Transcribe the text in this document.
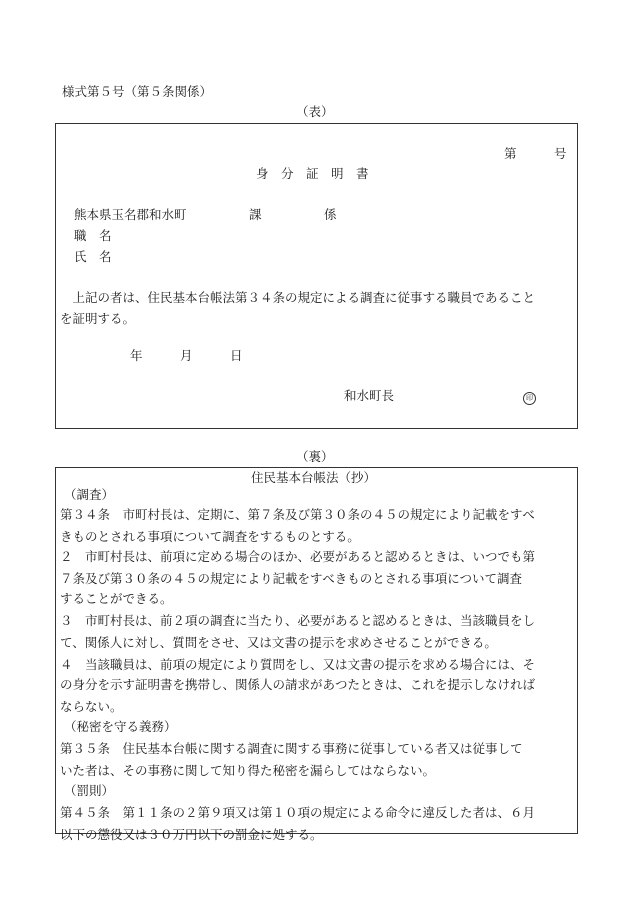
様式第５号（第５条関係）
（表）
第　　　号
身　分　証　明　書
熊本県玉名郡和水町　　　　　課　　　　　係
職　名
氏　名
　上記の者は、住民基本台帳法第３４条の規定による調査に従事する職員であること
を証明する。
年　　　月　　　日
和水町長	印
（裏）
住民基本台帳法（抄）
（調査）
第３４条　市町村長は、定期に、第７条及び第３０条の４５の規定により記載をすべ
きものとされる事項について調査をするものとする。
２　市町村長は、前項に定める場合のほか、必要があると認めるときは、いつでも第
７条及び第３０条の４５の規定により記載をすべきものとされる事項について調査
することができる。
３　市町村長は、前２項の調査に当たり、必要があると認めるときは、当該職員をし
て、関係人に対し、質問をさせ、又は文書の提示を求めさせることができる。
４　当該職員は、前項の規定により質問をし、又は文書の提示を求める場合には、そ
の身分を示す証明書を携帯し、関係人の請求があつたときは、これを提示しなければ
ならない。
（秘密を守る義務）
第３５条　住民基本台帳に関する調査に関する事務に従事している者又は従事して
いた者は、その事務に関して知り得た秘密を漏らしてはならない。
（罰則）
第４５条　第１１条の２第９項又は第１０項の規定による命令に違反した者は、６月
以下の懲役又は３０万円以下の罰金に処する。
